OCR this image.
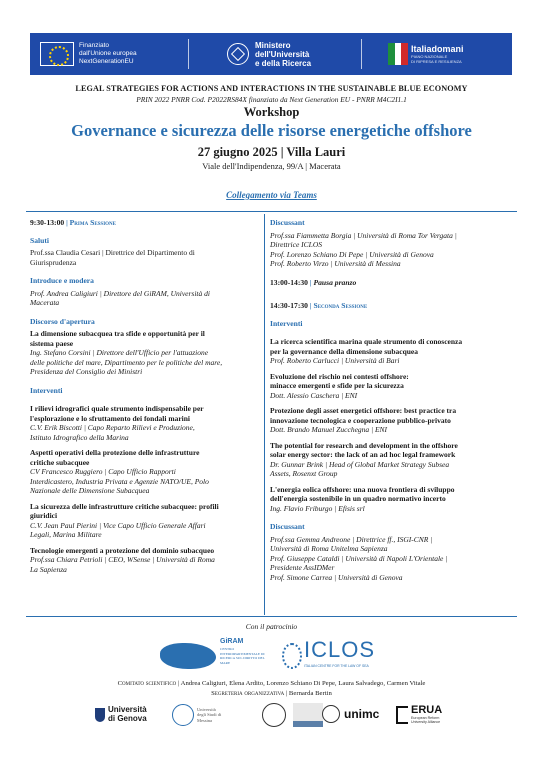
Finanziato
dall'Unione europea
NextGenerationEU
Ministero
dell'Università
e della Ricerca
Italiadomani
PIANO NAZIONALE
DI RIPRESA E RESILIENZA
LEGAL STRATEGIES FOR ACTIONS AND INTERACTIONS IN THE SUSTAINABLE BLUE ECONOMY
PRIN 2022 PNRR Cod. P2022RS84X finanziato da Next Generation EU - PNRR M4C2I1.1
Workshop
Governance e sicurezza delle risorse energetiche offshore
27 giugno 2025 | Villa Lauri
Viale dell'Indipendenza, 99/A | Macerata
Collegamento via Teams
9:30-13:00 | Prima Sessione
Saluti
Prof.ssa Claudia Cesari | Direttrice del Dipartimento di
Giurisprudenza
Introduce e modera
Prof. Andrea Caligiuri | Direttore del GiRAM, Università di
Macerata
Discorso d'apertura
La dimensione subacquea tra sfide e opportunità per il
sistema paese
Ing. Stefano Corsini | Direttore dell'Ufficio per l'attuazione
delle politiche del mare, Dipartimento per le politiche del mare,
Presidenza del Consiglio dei Ministri
Interventi
I rilievi idrografici quale strumento indispensabile per
l'esplorazione e lo sfruttamento dei fondali marini
C.V. Erik Biscotti | Capo Reparto Rilievi e Produzione,
Istituto Idrografico della Marina
Aspetti operativi della protezione delle infrastrutture
critiche subacquee
CV Francesco Ruggiero | Capo Ufficio Rapporti
Interdicastero, Industria Privata e Agenzie NATO/UE, Polo
Nazionale delle Dimensione Subacquea
La sicurezza delle infrastrutture critiche subacquee: profili
giuridici
C.V. Jean Paul Pierini | Vice Capo Ufficio Generale Affari
Legali, Marina Militare
Tecnologie emergenti a protezione del dominio subacqueo
Prof.ssa Chiara Petrioli | CEO, WSense | Università di Roma
La Sapienza
Discussant
Prof.ssa Fiammetta Borgia | Università di Roma Tor Vergata |
Direttrice ICLOS
Prof. Lorenzo Schiano Di Pepe | Università di Genova
Prof. Roberto Virzo | Università di Messina
13:00-14:30 | Pausa pranzo
14:30-17:30 | Seconda Sessione
Interventi
La ricerca scientifica marina quale strumento di conoscenza
per la governance della dimensione subacquea
Prof. Roberto Carlucci | Università di Bari
Evoluzione del rischio nei contesti offshore:
minacce emergenti e sfide per la sicurezza
Dott. Alessio Caschera | ENI
Protezione degli asset energetici offshore: best practice tra
innovazione tecnologica e cooperazione pubblico-privato
Dott. Brando Manuel Zucchegna | ENI
The potential for research and development in the offshore
solar energy sector: the lack of an ad hoc legal framework
Dr. Gunnar Brink | Head of Global Market Strategy Subsea
Assets, Rosenxt Group
L'energia eolica offshore: una nuova frontiera di sviluppo
dell'energia sostenibile in un quadro normativo incerto
Ing. Flavio Friburgo | Efisis srl
Discussant
Prof.ssa Gemma Andreone | Direttrice ff., ISGI-CNR |
Università di Roma Unitelma Sapienza
Prof. Giuseppe Cataldi | Università di Napoli L'Orientale |
Presidente AssIDMer
Prof. Simone Carrea | Università di Genova
Con il patrocinio
GiRAM
CENTRO INTERDIPARTIMENTALE DI RICERCA SUL DIRITTO DEL MARE
ICLOS
ITALIAN CENTRE FOR THE LAW OF SEA
Comitato scientifico | Andrea Caligiuri, Elena Ardito, Lorenzo Schiano Di Pepe, Laura Salvadego, Carmen Vitale
Segreteria organizzativa | Bernarda Bertin
Università
di Genova
Università
degli Studi di
Messina	unimc	ERUA
European Reform
University Alliance
